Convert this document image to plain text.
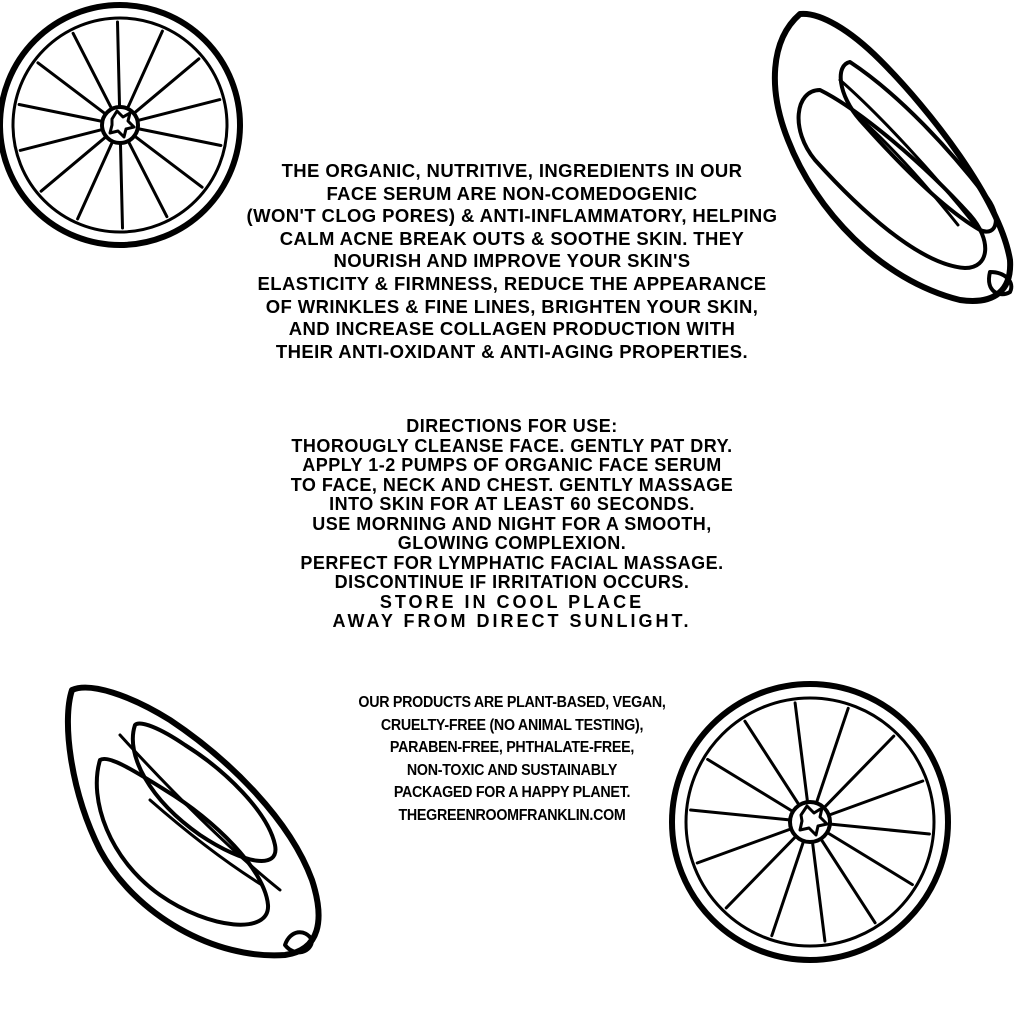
THE ORGANIC, NUTRITIVE, INGREDIENTS IN OUR
FACE SERUM ARE NON-COMEDOGENIC
(WON'T CLOG PORES) & ANTI-INFLAMMATORY, HELPING
CALM ACNE BREAK OUTS & SOOTHE SKIN. THEY
NOURISH AND IMPROVE YOUR SKIN'S
ELASTICITY & FIRMNESS, REDUCE THE APPEARANCE
OF WRINKLES & FINE LINES, BRIGHTEN YOUR SKIN,
AND INCREASE COLLAGEN PRODUCTION WITH
THEIR ANTI-OXIDANT & ANTI-AGING PROPERTIES.
DIRECTIONS FOR USE:
THOROUGLY CLEANSE FACE. GENTLY PAT DRY.
APPLY 1-2 PUMPS OF ORGANIC FACE SERUM
TO FACE, NECK AND CHEST. GENTLY MASSAGE
INTO SKIN FOR AT LEAST 60 SECONDS.
USE MORNING AND NIGHT FOR A SMOOTH,
GLOWING COMPLEXION.
PERFECT FOR LYMPHATIC FACIAL MASSAGE.
DISCONTINUE IF IRRITATION OCCURS.
STORE IN COOL PLACE
AWAY FROM DIRECT SUNLIGHT.
OUR PRODUCTS ARE PLANT-BASED, VEGAN,
CRUELTY-FREE (NO ANIMAL TESTING),
PARABEN-FREE, PHTHALATE-FREE,
NON-TOXIC AND SUSTAINABLY
PACKAGED FOR A HAPPY PLANET.
THEGREENROOMFRANKLIN.COM
